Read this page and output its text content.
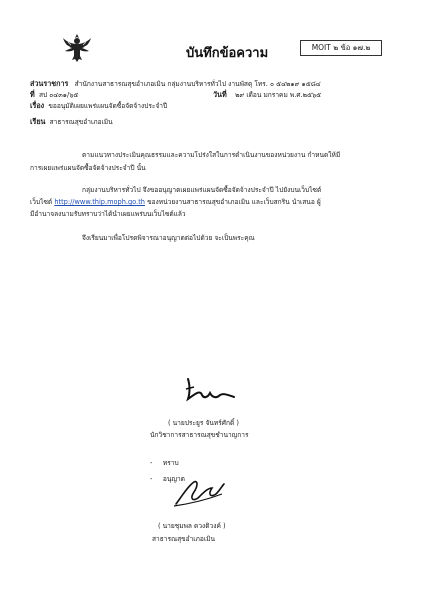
บันทึกข้อความ	MOIT ๒ ข้อ ๑๗.๒
ส่วนราชการ สำนักงานสาธารณสุขอำเภอเมิน กลุ่มงานบริหารทั่วไป งานพัสดุ โทร. ๐ ๕๔๒๑๙ ๑๕๘๔
ที่ สป ๐๔๓๑/๖๕	วันที่ ๒๙ เดือน มกราคม พ.ศ.๒๕๖๕
เรื่อง ขออนุมัติเผยแพร่แผนจัดซื้อจัดจ้างประจำปี
เรียน สาธารณสุขอำเภอเมิน
ตามแนวทางประเมินคุณธรรมและความโปร่งใสในการดำเนินงานของหน่วยงาน กำหนดให้มี
การเผยแพร่แผนจัดซื้อจัดจ้างประจำปี นั้น
กลุ่มงานบริหารทั่วไป จึงขออนุญาตเผยแพร่แผนจัดซื้อจัดจ้างประจำปี ไปยังบนเว็บไซต์
เว็บไซต์ http://www.thip.moph.go.th ของหน่วยงานสาธารณสุขอำเภอเมิน และเว็บสกริน นำเสนอ ผู้
มีอำนาจลงนามรับทราบว่าได้นำเผยแพร่บนเว็บไซต์แล้ว
จึงเรียนมาเพื่อโปรดพิจารณาอนุญาตต่อไปด้วย จะเป็นพระคุณ
( นายประยูร จันทร์ศักดิ์ )
นักวิชาการสาธารณสุขชำนาญการ
- ทราบ
- อนุญาต
( นายชุมพล ดวงติวงค์ )
สาธารณสุขอำเภอเมิน
